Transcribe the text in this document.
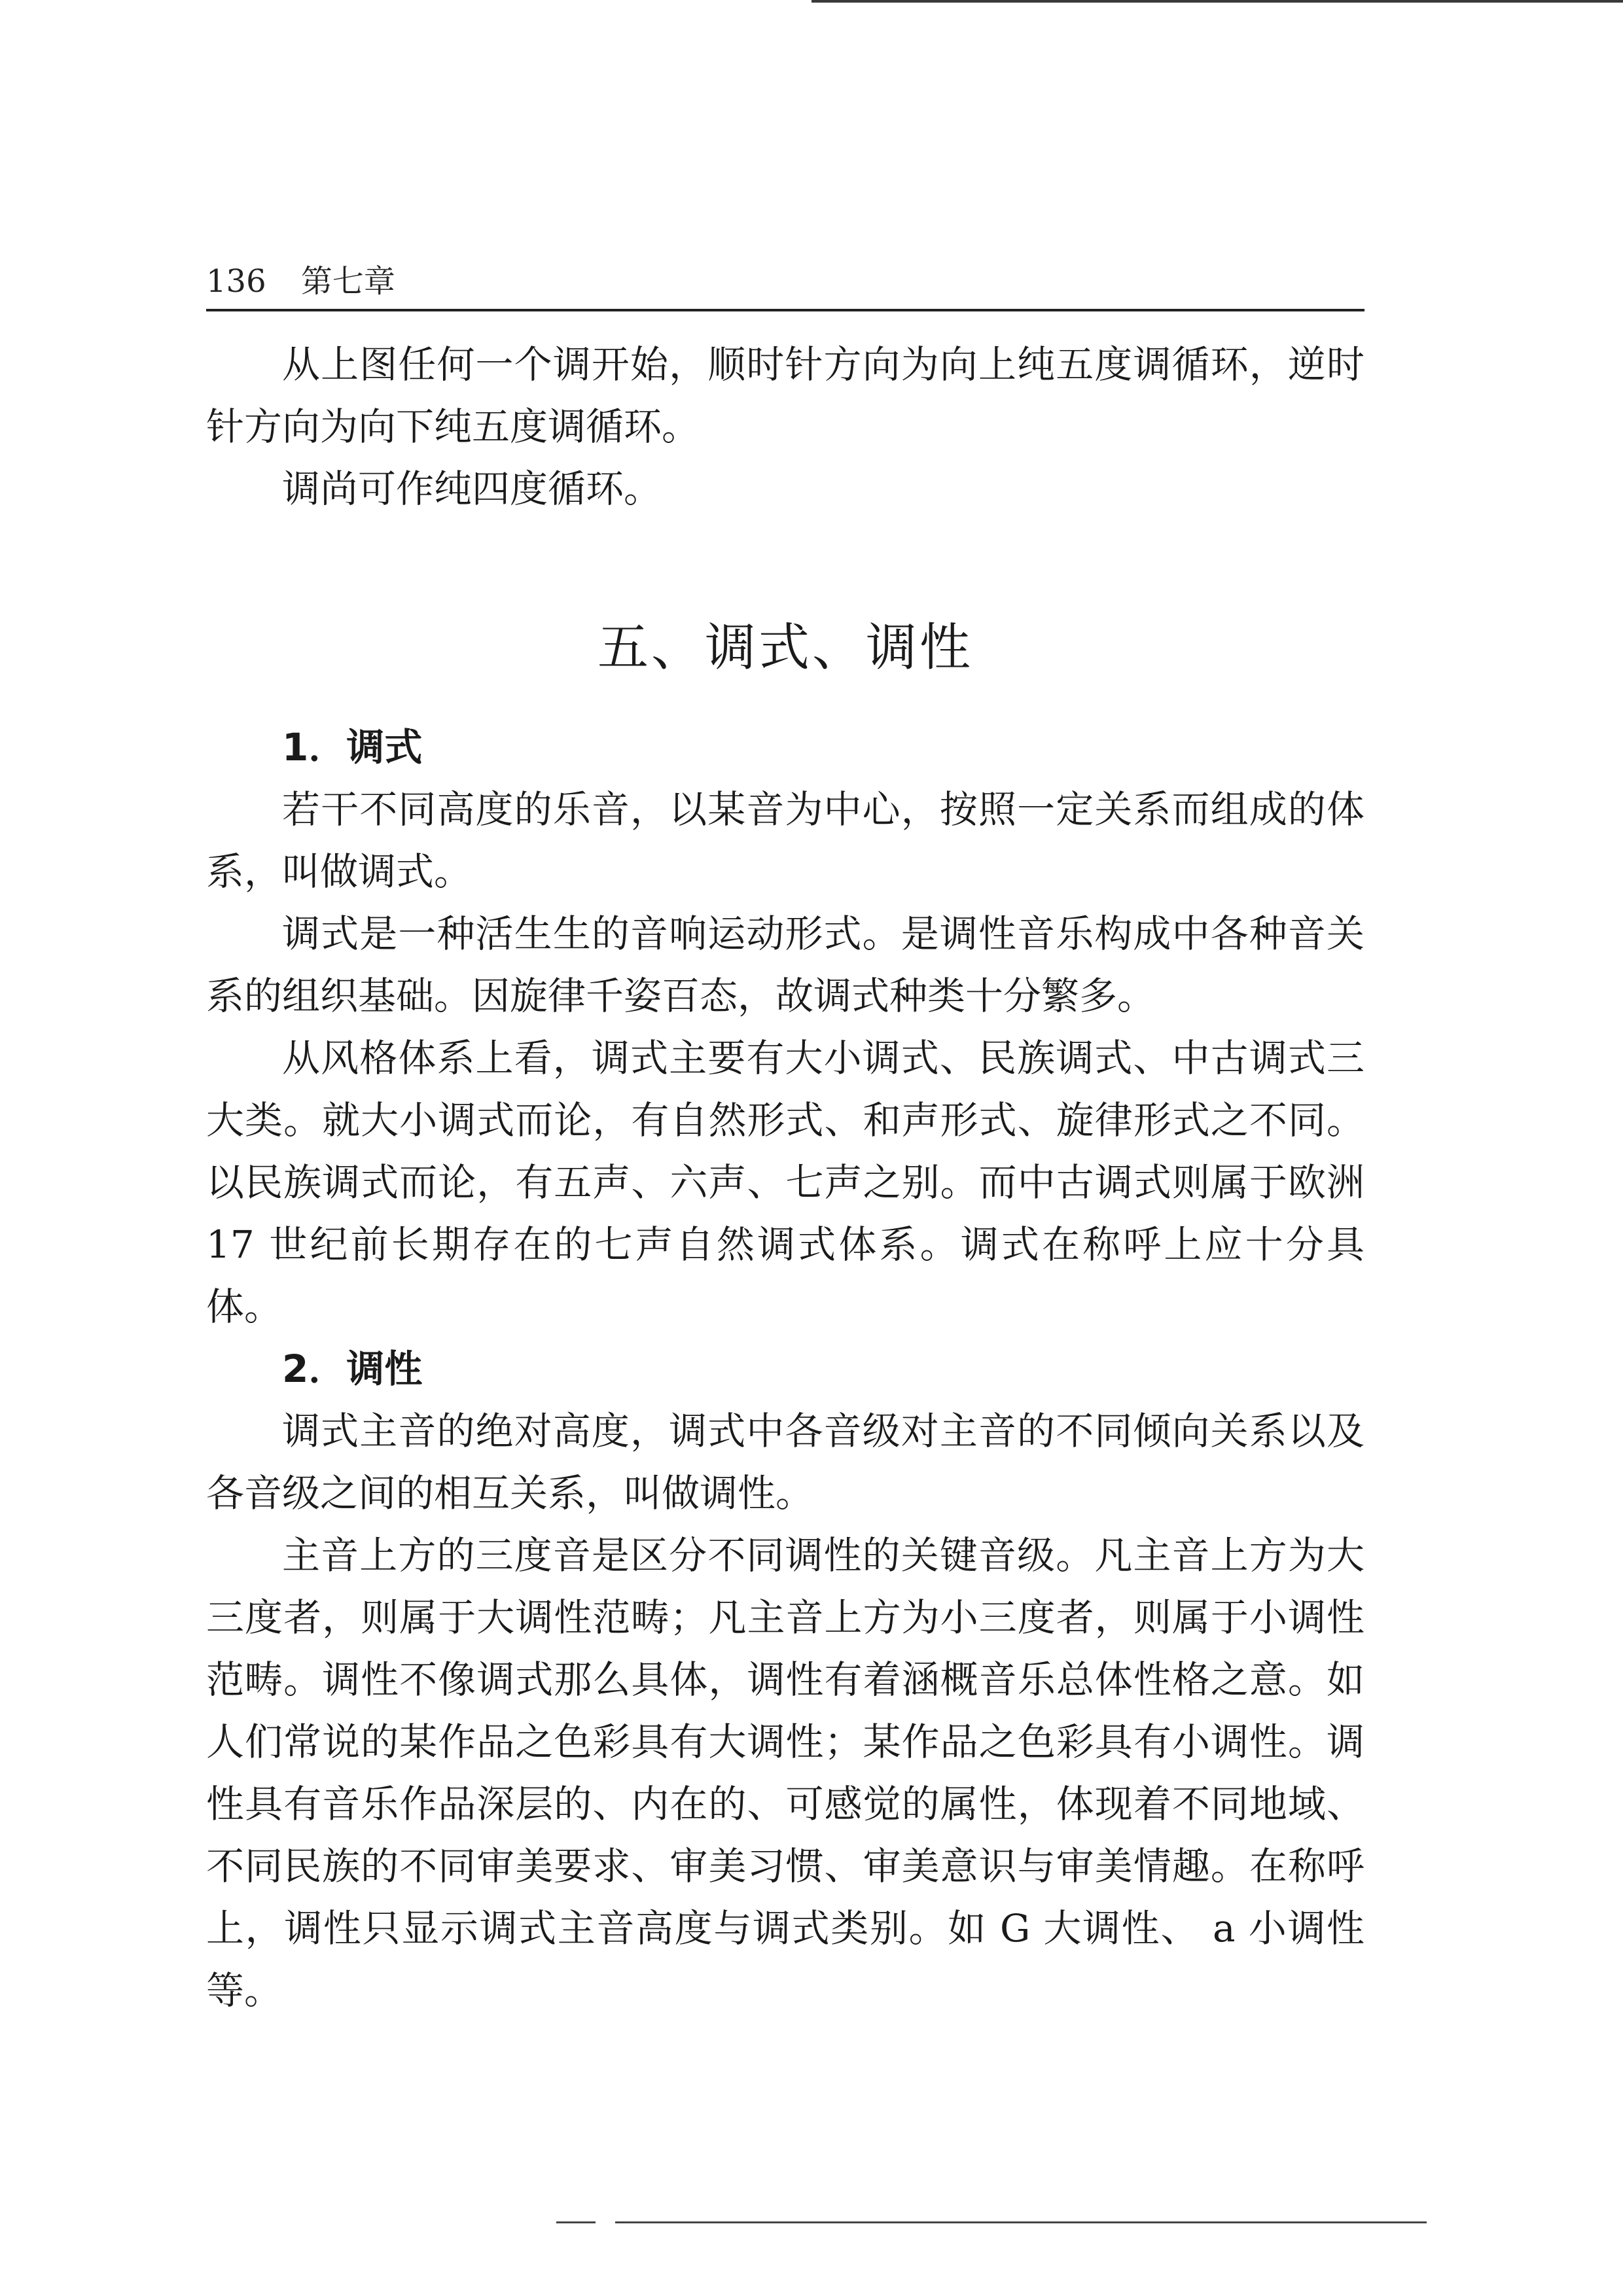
136 第七章

从上图任何一个调开始，顺时针方向为向上纯五度调循环，逆时针方向为向下纯五度调循环。

调尚可作纯四度循环。

五、调式、调性
1．调式

若干不同高度的乐音，以某音为中心，按照一定关系而组成的体系，叫做调式。

调式是一种活生生的音响运动形式。是调性音乐构成中各种音关系的组织基础。因旋律千姿百态，故调式种类十分繁多。

从风格体系上看，调式主要有大小调式、民族调式、中古调式三大类。就大小调式而论，有自然形式、和声形式、旋律形式之不同。以民族调式而论，有五声、六声、七声之别。而中古调式则属于欧洲 17 世纪前长期存在的七声自然调式体系。调式在称呼上应十分具体。

2．调性

调式主音的绝对高度，调式中各音级对主音的不同倾向关系以及各音级之间的相互关系，叫做调性。

主音上方的三度音是区分不同调性的关键音级。凡主音上方为大三度者，则属于大调性范畴；凡主音上方为小三度者，则属于小调性范畴。调性不像调式那么具体，调性有着涵概音乐总体性格之意。如人们常说的某作品之色彩具有大调性；某作品之色彩具有小调性。调性具有音乐作品深层的、内在的、可感觉的属性，体现着不同地域、不同民族的不同审美要求、审美习惯、审美意识与审美情趣。在称呼上，调性只显示调式主音高度与调式类别。如 G 大调性、 a 小调性等。
